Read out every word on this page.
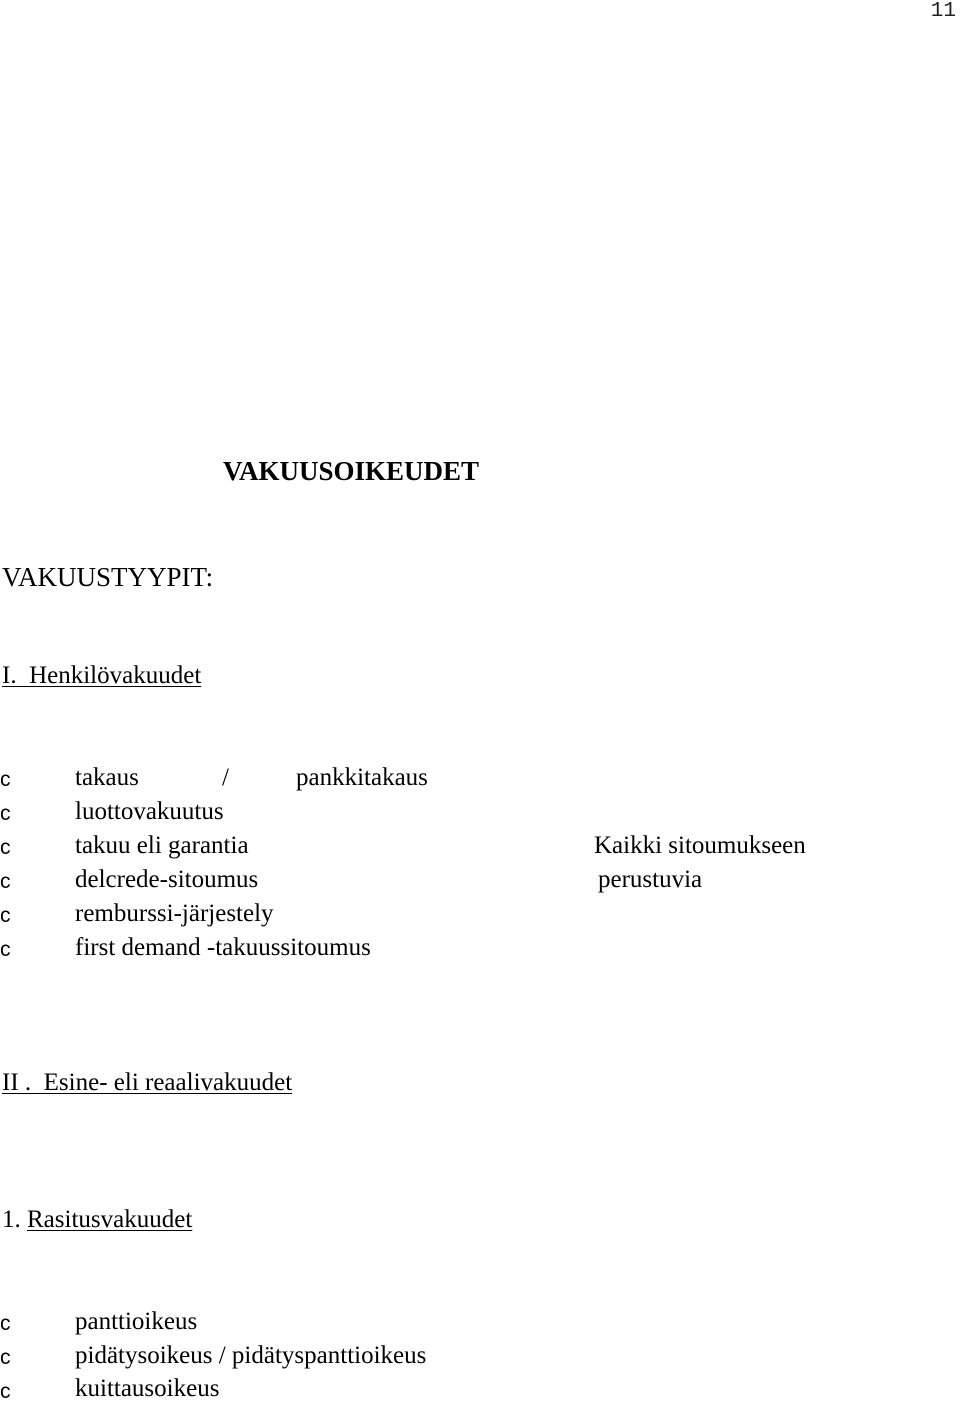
11
VAKUUSOIKEUDET
VAKUUSTYYPIT:
I. Henkilövakuudet
c	takaus	/	pankkitakaus
c	luottovakuutus
c	takuu eli garantia	Kaikki sitoumukseen
c	delcrede-sitoumus	perustuvia
c	remburssi-järjestely
c	first demand -takuussitoumus
II . Esine- eli reaalivakuudet
1. Rasitusvakuudet
c	panttioikeus
c	pidätysoikeus / pidätyspanttioikeus
c	kuittausoikeus
